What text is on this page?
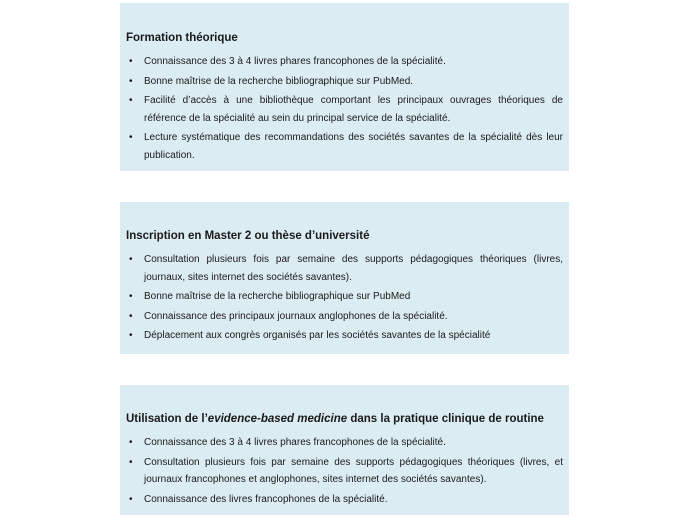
Formation théorique

• Connaissance des 3 à 4 livres phares francophones de la spécialité.
• Bonne maîtrise de la recherche bibliographique sur PubMed.
• Facilité d’accès à une bibliothèque comportant les principaux ouvrages théoriques de référence de la spécialité au sein du principal service de la spécialité.
• Lecture systématique des recommandations des sociétés savantes de la spécialité dès leur publication.

Inscription en Master 2 ou thèse d’université

• Consultation plusieurs fois par semaine des supports pédagogiques théoriques (livres, journaux, sites internet des sociétés savantes).
• Bonne maîtrise de la recherche bibliographique sur PubMed
• Connaissance des principaux journaux anglophones de la spécialité.
• Déplacement aux congrès organisés par les sociétés savantes de la spécialité

Utilisation de l’evidence-based medicine dans la pratique clinique de routine

• Connaissance des 3 à 4 livres phares francophones de la spécialité.
• Consultation plusieurs fois par semaine des supports pédagogiques théoriques (livres, et journaux francophones et anglophones, sites internet des sociétés savantes).
• Connaissance des livres francophones de la spécialité.
